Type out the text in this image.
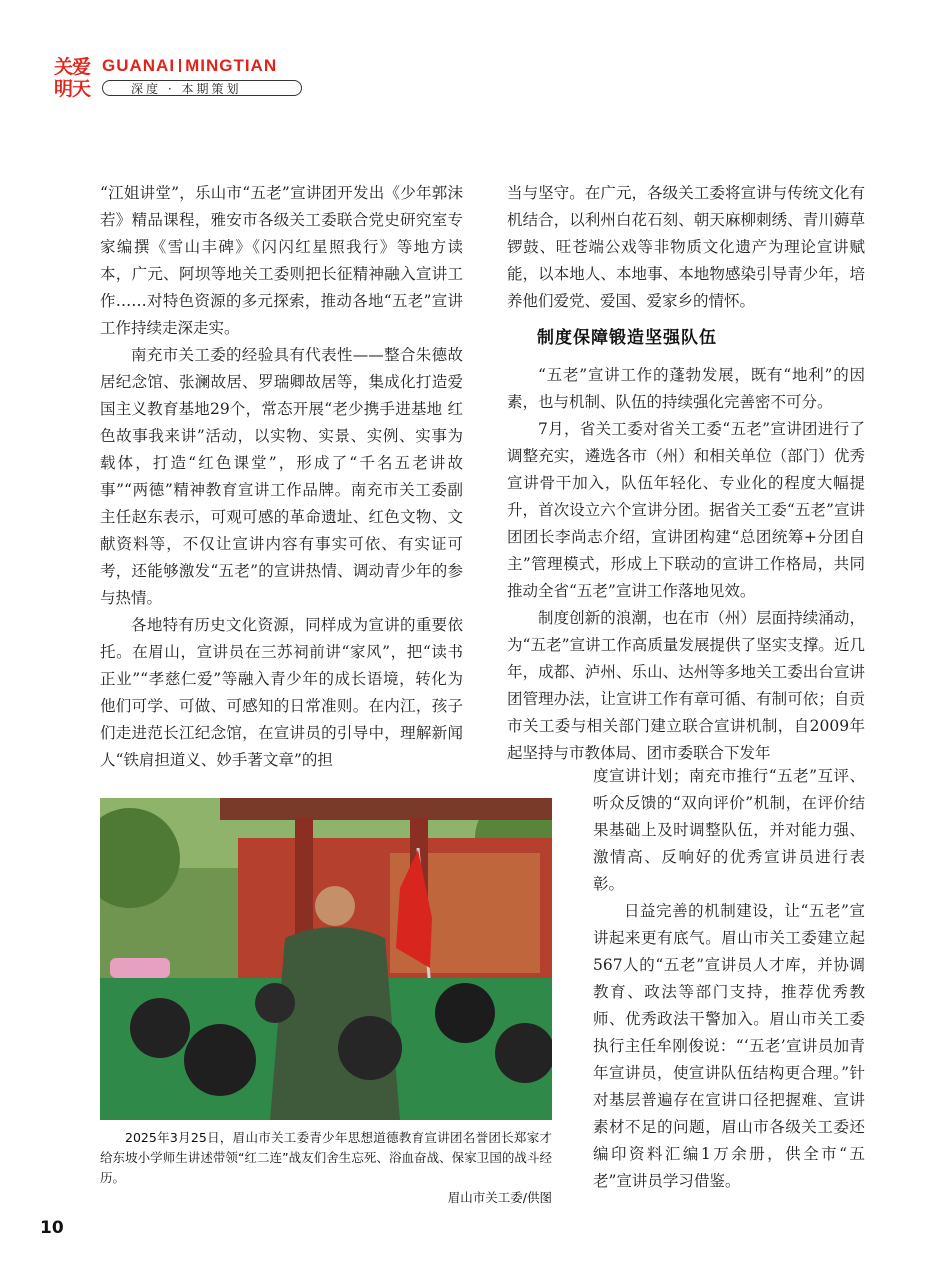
关爱
明天
GUANAI MINGTIAN
深度 · 本期策划

“江姐讲堂”，乐山市“五老”宣讲团开发出《少年郭沫若》精品课程，雅安市各级关工委联合党史研究室专家编撰《雪山丰碑》《闪闪红星照我行》等地方读本，广元、阿坝等地关工委则把长征精神融入宣讲工作……对特色资源的多元探索，推动各地“五老”宣讲工作持续走深走实。

南充市关工委的经验具有代表性——整合朱德故居纪念馆、张澜故居、罗瑞卿故居等，集成化打造爱国主义教育基地29个，常态开展“老少携手进基地 红色故事我来讲”活动，以实物、实景、实例、实事为载体，打造“红色课堂”，形成了“千名五老讲故事”“两德”精神教育宣讲工作品牌。南充市关工委副主任赵东表示，可观可感的革命遗址、红色文物、文献资料等，不仅让宣讲内容有事实可依、有实证可考，还能够激发“五老”的宣讲热情、调动青少年的参与热情。

各地特有历史文化资源，同样成为宣讲的重要依托。在眉山，宣讲员在三苏祠前讲“家风”，把“读书正业”“孝慈仁爱”等融入青少年的成长语境，转化为他们可学、可做、可感知的日常准则。在内江，孩子们走进范长江纪念馆，在宣讲员的引导中，理解新闻人“铁肩担道义、妙手著文章”的担

当与坚守。在广元，各级关工委将宣讲与传统文化有机结合，以利州白花石刻、朝天麻柳刺绣、青川薅草锣鼓、旺苍端公戏等非物质文化遗产为理论宣讲赋能，以本地人、本地事、本地物感染引导青少年，培养他们爱党、爱国、爱家乡的情怀。

制度保障锻造坚强队伍

“五老”宣讲工作的蓬勃发展，既有“地利”的因素，也与机制、队伍的持续强化完善密不可分。

7月，省关工委对省关工委“五老”宣讲团进行了调整充实，遴选各市（州）和相关单位（部门）优秀宣讲骨干加入，队伍年轻化、专业化的程度大幅提升，首次设立六个宣讲分团。据省关工委“五老”宣讲团团长李尚志介绍，宣讲团构建“总团统筹+分团自主”管理模式，形成上下联动的宣讲工作格局，共同推动全省“五老”宣讲工作落地见效。

制度创新的浪潮，也在市（州）层面持续涌动，为“五老”宣讲工作高质量发展提供了坚实支撑。近几年，成都、泸州、乐山、达州等多地关工委出台宣讲团管理办法，让宣讲工作有章可循、有制可依；自贡市关工委与相关部门建立联合宣讲机制，自2009年起坚持与市教体局、团市委联合下发年

度宣讲计划；南充市推行“五老”互评、听众反馈的“双向评价”机制，在评价结果基础上及时调整队伍，并对能力强、激情高、反响好的优秀宣讲员进行表彰。

日益完善的机制建设，让“五老”宣讲起来更有底气。眉山市关工委建立起567人的“五老”宣讲员人才库，并协调教育、政法等部门支持，推荐优秀教师、优秀政法干警加入。眉山市关工委执行主任牟刚俊说：“‘五老’宣讲员加青年宣讲员，使宣讲队伍结构更合理。”针对基层普遍存在宣讲口径把握难、宣讲素材不足的问题，眉山市各级关工委还编印资料汇编1万余册，供全市“五老”宣讲员学习借鉴。

2025年3月25日，眉山市关工委青少年思想道德教育宣讲团名誉团长郑家才给东坡小学师生讲述带领“红二连”战友们舍生忘死、浴血奋战、保家卫国的战斗经历。
眉山市关工委/供图
10
